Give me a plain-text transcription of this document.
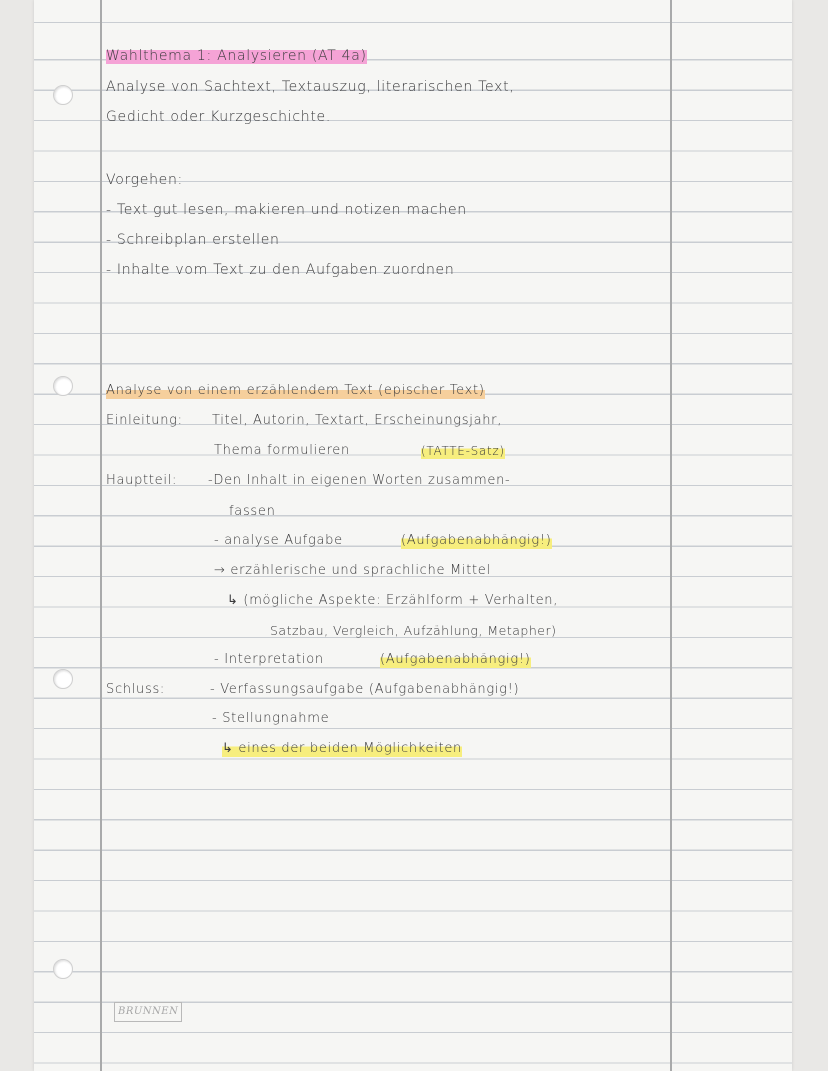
Wahlthema 1: Analysieren (AT 4a)
Analyse von Sachtext, Textauszug, literarischen Text,
Gedicht oder Kurzgeschichte.
Vorgehen:
- Text gut lesen, makieren und notizen machen
- Schreibplan erstellen
- Inhalte vom Text zu den Aufgaben zuordnen
Analyse von einem erzählendem Text (epischer Text)
Einleitung: Titel, Autorin, Textart, Erscheinungsjahr,
Thema formulieren	(TATTE-Satz)
Hauptteil: -Den Inhalt in eigenen Worten zusammen-
fassen
- analyse Aufgabe	(Aufgabenabhängig!)
→ erzählerische und sprachliche Mittel
↳ (mögliche Aspekte: Erzählform + Verhalten,
Satzbau, Vergleich, Aufzählung, Metapher)
- Interpretation	(Aufgabenabhängig!)
Schluss:	- Verfassungsaufgabe (Aufgabenabhängig!)
- Stellungnahme
↳ eines der beiden Möglichkeiten
BRUNNEN
